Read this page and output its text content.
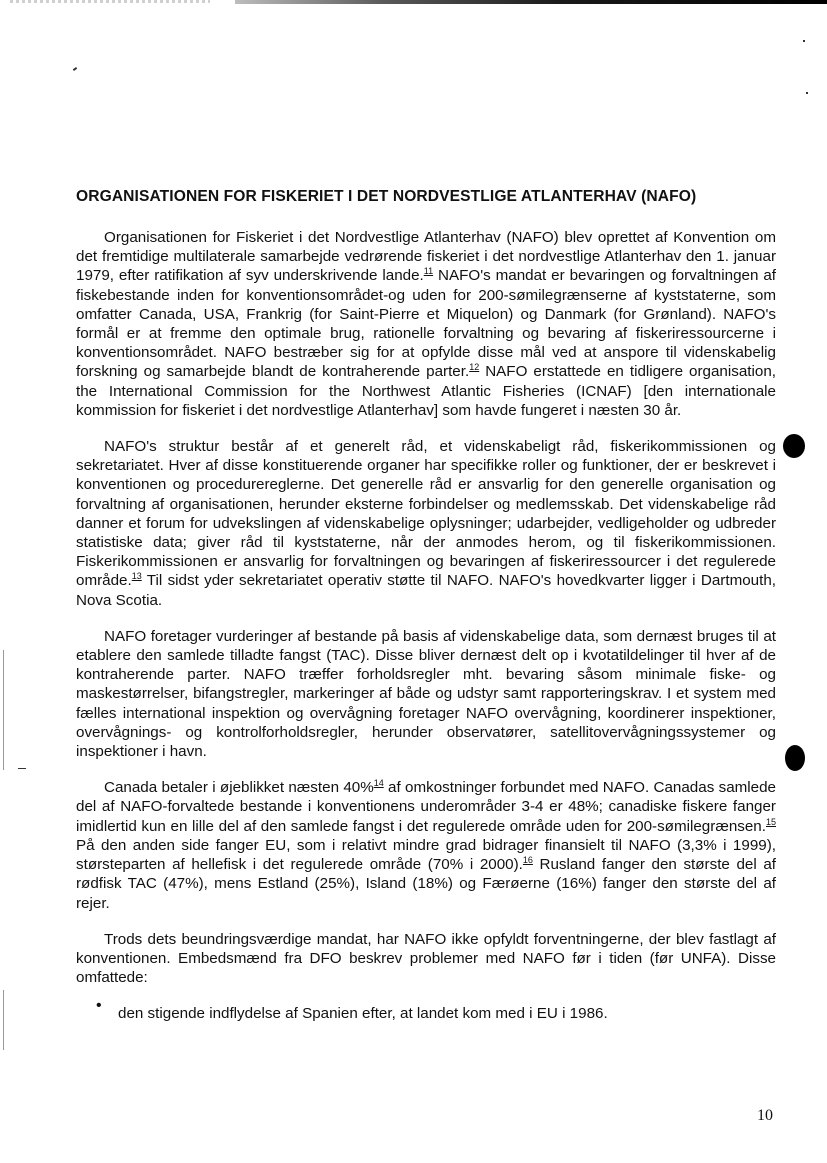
ORGANISATIONEN FOR FISKERIET I DET NORDVESTLIGE ATLANTERHAV (NAFO)

Organisationen for Fiskeriet i det Nordvestlige Atlanterhav (NAFO) blev oprettet af Konvention om det fremtidige multilaterale samarbejde vedrørende fiskeriet i det nordvestlige Atlanterhav den 1. januar 1979, efter ratifikation af syv underskrivende lande.$^{11}$ NAFO's mandat er bevaringen og forvaltningen af fiskebestande inden for konventionsområdet-og uden for 200-sømilegrænserne af kyststaterne, som omfatter Canada, USA, Frankrig (for Saint-Pierre et Miquelon) og Danmark (for Grønland). NAFO's formål er at fremme den optimale brug, rationelle forvaltning og bevaring af fiskeriressourcerne i konventionsområdet. NAFO bestræber sig for at opfylde disse mål ved at anspore til videnskabelig forskning og samarbejde blandt de kontraherende parter.$^{12}$ NAFO erstattede en tidligere organisation, the International Commission for the Northwest Atlantic Fisheries (ICNAF) [den internationale kommission for fiskeriet i det nordvestlige Atlanterhav] som havde fungeret i næsten 30 år.

NAFO's struktur består af et generelt råd, et videnskabeligt råd, fiskerikommissionen og sekretariatet. Hver af disse konstituerende organer har specifikke roller og funktioner, der er beskrevet i konventionen og procedurereglerne. Det generelle råd er ansvarlig for den generelle organisation og forvaltning af organisationen, herunder eksterne forbindelser og medlemsskab. Det videnskabelige råd danner et forum for udvekslingen af videnskabelige oplysninger; udarbejder, vedligeholder og udbreder statistiske data; giver råd til kyststaterne, når der anmodes herom, og til fiskerikommissionen. Fiskerikommissionen er ansvarlig for forvaltningen og bevaringen af fiskeriressourcer i det regulerede område.$^{13}$ Til sidst yder sekretariatet operativ støtte til NAFO. NAFO's hovedkvarter ligger i Dartmouth, Nova Scotia.

NAFO foretager vurderinger af bestande på basis af videnskabelige data, som dernæst bruges til at etablere den samlede tilladte fangst (TAC). Disse bliver dernæst delt op i kvotatildelinger til hver af de kontraherende parter. NAFO træffer forholdsregler mht. bevaring såsom minimale fiske- og maskestørrelser, bifangstregler, markeringer af både og udstyr samt rapporteringskrav. I et system med fælles international inspektion og overvågning foretager NAFO overvågning, koordinerer inspektioner, overvågnings- og kontrolforholdsregler, herunder observatører, satellitovervågningssystemer og inspektioner i havn.

Canada betaler i øjeblikket næsten 40%$^{14}$ af omkostninger forbundet med NAFO. Canadas samlede del af NAFO-forvaltede bestande i konventionens underområder 3-4 er 48%; canadiske fiskere fanger imidlertid kun en lille del af den samlede fangst i det regulerede område uden for 200-sømilegrænsen.$^{15}$ På den anden side fanger EU, som i relativt mindre grad bidrager finansielt til NAFO (3,3% i 1999), størsteparten af hellefisk i det regulerede område (70% i 2000).$^{16}$ Rusland fanger den største del af rødfisk TAC (47%), mens Estland (25%), Island (18%) og Færøerne (16%) fanger den største del af rejer.

Trods dets beundringsværdige mandat, har NAFO ikke opfyldt forventningerne, der blev fastlagt af konventionen. Embedsmænd fra DFO beskrev problemer med NAFO før i tiden (før UNFA). Disse omfattede:

• den stigende indflydelse af Spanien efter, at landet kom med i EU i 1986.
10
